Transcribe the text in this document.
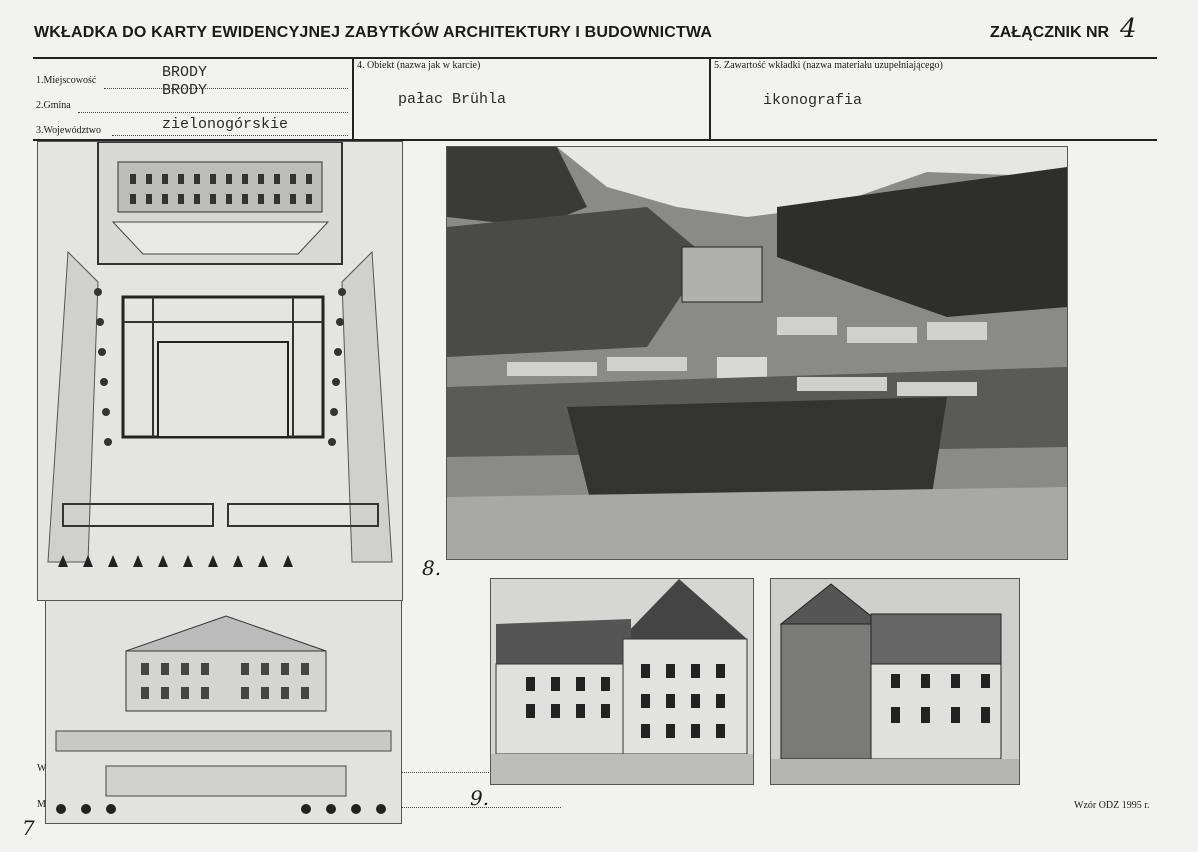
WKŁADKA DO KARTY EWIDENCYJNEJ ZABYTKÓW ARCHITEKTURY I BUDOWNICTWA	ZAŁĄCZNIK NR 4
1.Miejscowość	BRODY
2.Gmina
BRODY
3.Województwo	zielonogórskie
4. Obiekt (nazwa jak w karcie)
pałac Brühla
5. Zawartość wkładki (nazwa materiału uzupełniającego)
ikonografia
W
M
8.
9.	Wzór ODZ 1995 r.
7
